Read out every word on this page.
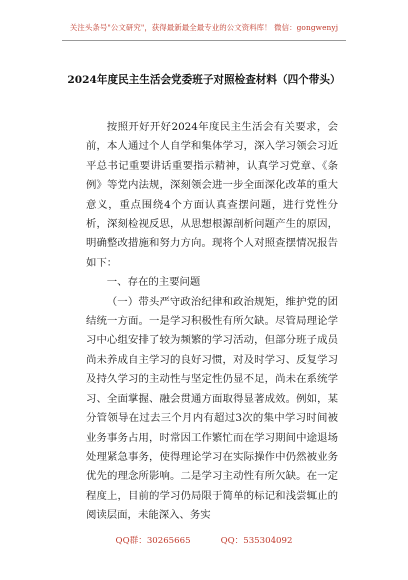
关注头条号"公文研究"，获得最新最全最专业的公文资料库！ 微信：gongwenyj
2024年度民主生活会党委班子对照检查材料（四个带头）

按照开好开好2024年度民主生活会有关要求，会前，本人通过个人自学和集体学习，深入学习领会习近平总书记重要讲话重要指示精神，认真学习党章、《条例》等党内法规，深刻领会进一步全面深化改革的重大意义，重点围绕4个方面认真查摆问题，进行党性分析，深刻检视反思，从思想根源剖析问题产生的原因，明确整改措施和努力方向。现将个人对照查摆情况报告如下：

一、存在的主要问题

（一）带头严守政治纪律和政治规矩，维护党的团结统一方面。一是学习积极性有所欠缺。尽管局理论学习中心组安排了较为频繁的学习活动，但部分班子成员尚未养成自主学习的良好习惯，对及时学习、反复学习及持久学习的主动性与坚定性仍显不足，尚未在系统学习、全面掌握、融会贯通方面取得显著成效。例如，某分管领导在过去三个月内有超过3次的集中学习时间被业务事务占用，时常因工作繁忙而在学习期间中途退场处理紧急事务，使得理论学习在实际操作中仍然被业务优先的理念所影响。二是学习主动性有所欠缺。在一定程度上，目前的学习仍局限于简单的标记和浅尝辄止的阅读层面，未能深入、务实

QQ群：30265665	QQ：535304092
